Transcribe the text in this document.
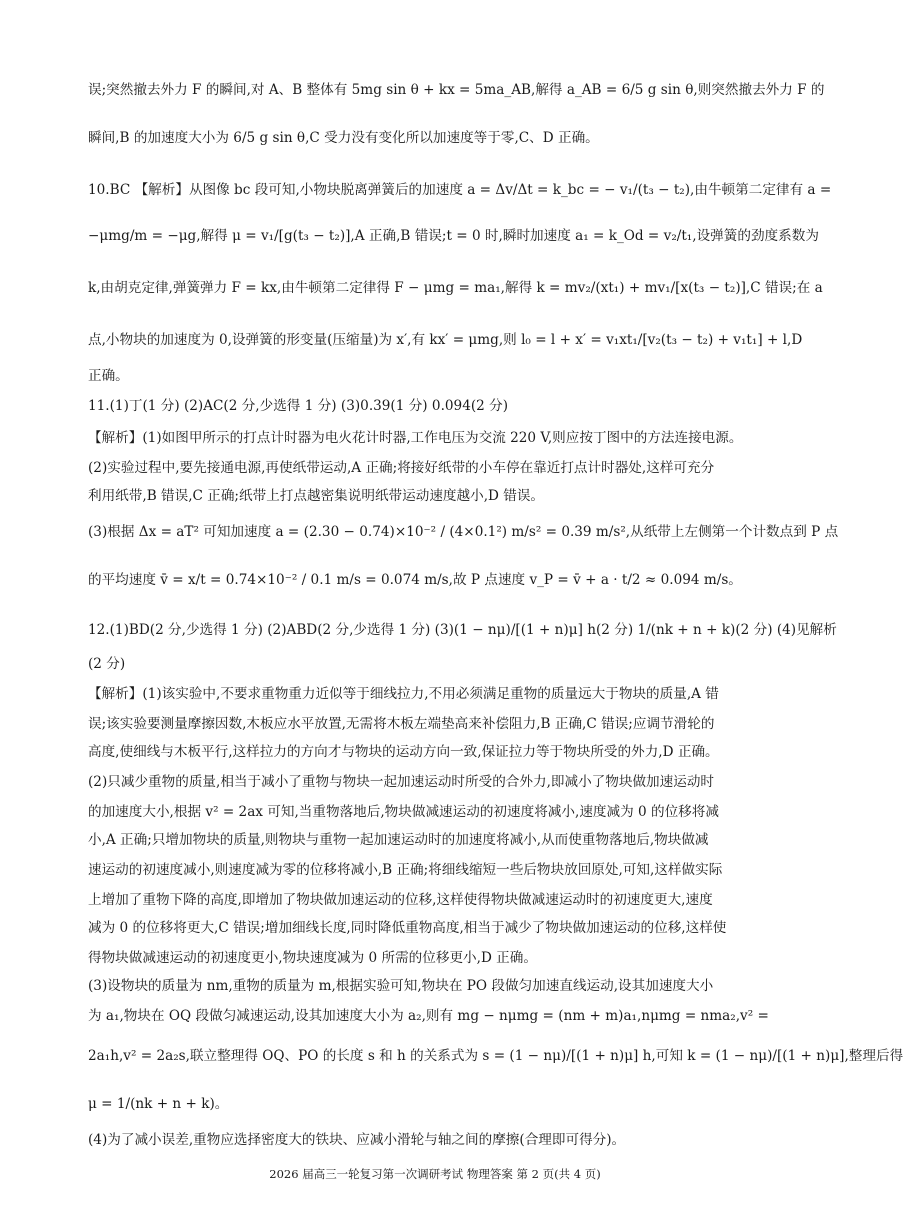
误;突然撤去外力 F 的瞬间,对 A、B 整体有 5mg sin θ + kx = 5ma_AB,解得 a_AB = 6/5 g sin θ,则突然撤去外力 F 的
瞬间,B 的加速度大小为 6/5 g sin θ,C 受力没有变化所以加速度等于零,C、D 正确。
10.BC 【解析】从图像 bc 段可知,小物块脱离弹簧后的加速度 a = Δv/Δt = k_bc = − v₁/(t₃ − t₂),由牛顿第二定律有 a =
−μmg/m = −μg,解得 μ = v₁/[g(t₃ − t₂)],A 正确,B 错误;t = 0 时,瞬时加速度 a₁ = k_Od = v₂/t₁,设弹簧的劲度系数为
k,由胡克定律,弹簧弹力 F = kx,由牛顿第二定律得 F − μmg = ma₁,解得 k = mv₂/(xt₁) + mv₁/[x(t₃ − t₂)],C 错误;在 a
点,小物块的加速度为 0,设弹簧的形变量(压缩量)为 x′,有 kx′ = μmg,则 l₀ = l + x′ = v₁xt₁/[v₂(t₃ − t₂) + v₁t₁] + l,D
正确。
11.(1)丁(1 分) (2)AC(2 分,少选得 1 分) (3)0.39(1 分) 0.094(2 分)
【解析】(1)如图甲所示的打点计时器为电火花计时器,工作电压为交流 220 V,则应按丁图中的方法连接电源。
(2)实验过程中,要先接通电源,再使纸带运动,A 正确;将接好纸带的小车停在靠近打点计时器处,这样可充分
利用纸带,B 错误,C 正确;纸带上打点越密集说明纸带运动速度越小,D 错误。
(3)根据 Δx = aT² 可知加速度 a = (2.30 − 0.74)×10⁻² / (4×0.1²) m/s² = 0.39 m/s²,从纸带上左侧第一个计数点到 P 点
的平均速度 v̄ = x/t = 0.74×10⁻² / 0.1 m/s = 0.074 m/s,故 P 点速度 v_P = v̄ + a · t/2 ≈ 0.094 m/s。
12.(1)BD(2 分,少选得 1 分) (2)ABD(2 分,少选得 1 分) (3)(1 − nμ)/[(1 + n)μ] h(2 分) 1/(nk + n + k)(2 分) (4)见解析
(2 分)
【解析】(1)该实验中,不要求重物重力近似等于细线拉力,不用必须满足重物的质量远大于物块的质量,A 错
误;该实验要测量摩擦因数,木板应水平放置,无需将木板左端垫高来补偿阻力,B 正确,C 错误;应调节滑轮的
高度,使细线与木板平行,这样拉力的方向才与物块的运动方向一致,保证拉力等于物块所受的外力,D 正确。
(2)只减少重物的质量,相当于减小了重物与物块一起加速运动时所受的合外力,即减小了物块做加速运动时
的加速度大小,根据 v² = 2ax 可知,当重物落地后,物块做减速运动的初速度将减小,速度减为 0 的位移将减
小,A 正确;只增加物块的质量,则物块与重物一起加速运动时的加速度将减小,从而使重物落地后,物块做减
速运动的初速度减小,则速度减为零的位移将减小,B 正确;将细线缩短一些后物块放回原处,可知,这样做实际
上增加了重物下降的高度,即增加了物块做加速运动的位移,这样使得物块做减速运动时的初速度更大,速度
减为 0 的位移将更大,C 错误;增加细线长度,同时降低重物高度,相当于减少了物块做加速运动的位移,这样使
得物块做减速运动的初速度更小,物块速度减为 0 所需的位移更小,D 正确。
(3)设物块的质量为 nm,重物的质量为 m,根据实验可知,物块在 PO 段做匀加速直线运动,设其加速度大小
为 a₁,物块在 OQ 段做匀减速运动,设其加速度大小为 a₂,则有 mg − nμmg = (nm + m)a₁,nμmg = nma₂,v² =
2a₁h,v² = 2a₂s,联立整理得 OQ、PO 的长度 s 和 h 的关系式为 s = (1 − nμ)/[(1 + n)μ] h,可知 k = (1 − nμ)/[(1 + n)μ],整理后得
μ = 1/(nk + n + k)。
(4)为了减小误差,重物应选择密度大的铁块、应减小滑轮与轴之间的摩擦(合理即可得分)。
2026 届高三一轮复习第一次调研考试 物理答案 第 2 页(共 4 页)
